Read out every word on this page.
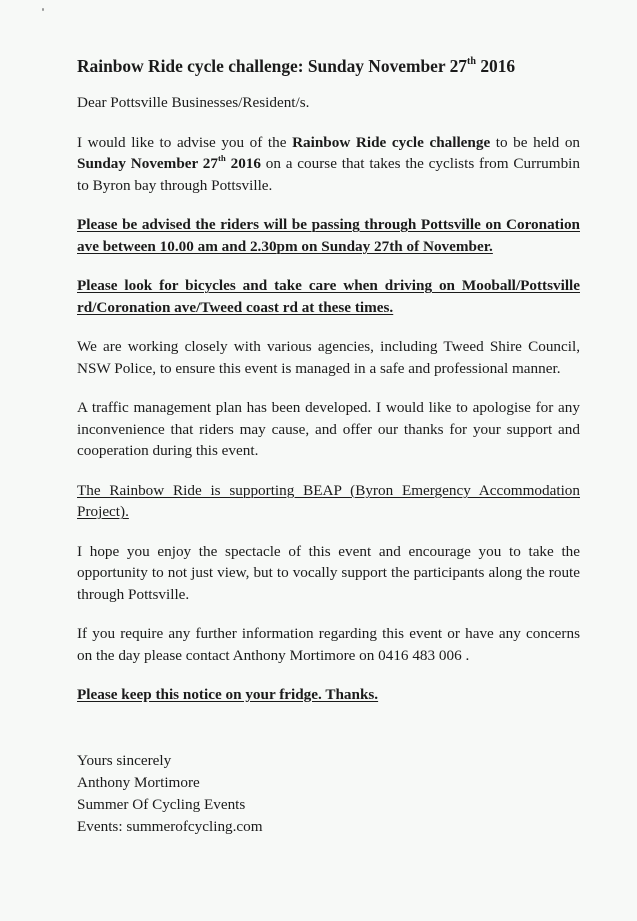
Rainbow Ride cycle challenge: Sunday November 27th 2016

Dear Pottsville Businesses/Resident/s.

I would like to advise you of the Rainbow Ride cycle challenge to be held on Sunday November 27th 2016 on a course that takes the cyclists from Currumbin to Byron bay through Pottsville.

Please be advised the riders will be passing through Pottsville on Coronation ave between 10.00 am and 2.30pm on Sunday 27th of November.

Please look for bicycles and take care when driving on Mooball/Pottsville rd/Coronation ave/Tweed coast rd at these times.

We are working closely with various agencies, including Tweed Shire Council, NSW Police, to ensure this event is managed in a safe and professional manner.

A traffic management plan has been developed. I would like to apologise for any inconvenience that riders may cause, and offer our thanks for your support and cooperation during this event.

The Rainbow Ride is supporting BEAP (Byron Emergency Accommodation Project).

I hope you enjoy the spectacle of this event and encourage you to take the opportunity to not just view, but to vocally support the participants along the route through Pottsville.

If you require any further information regarding this event or have any concerns on the day please contact Anthony Mortimore on 0416 483 006 .

Please keep this notice on your fridge. Thanks.

Yours sincerely
Anthony Mortimore
Summer Of Cycling Events
Events: summerofcycling.com
